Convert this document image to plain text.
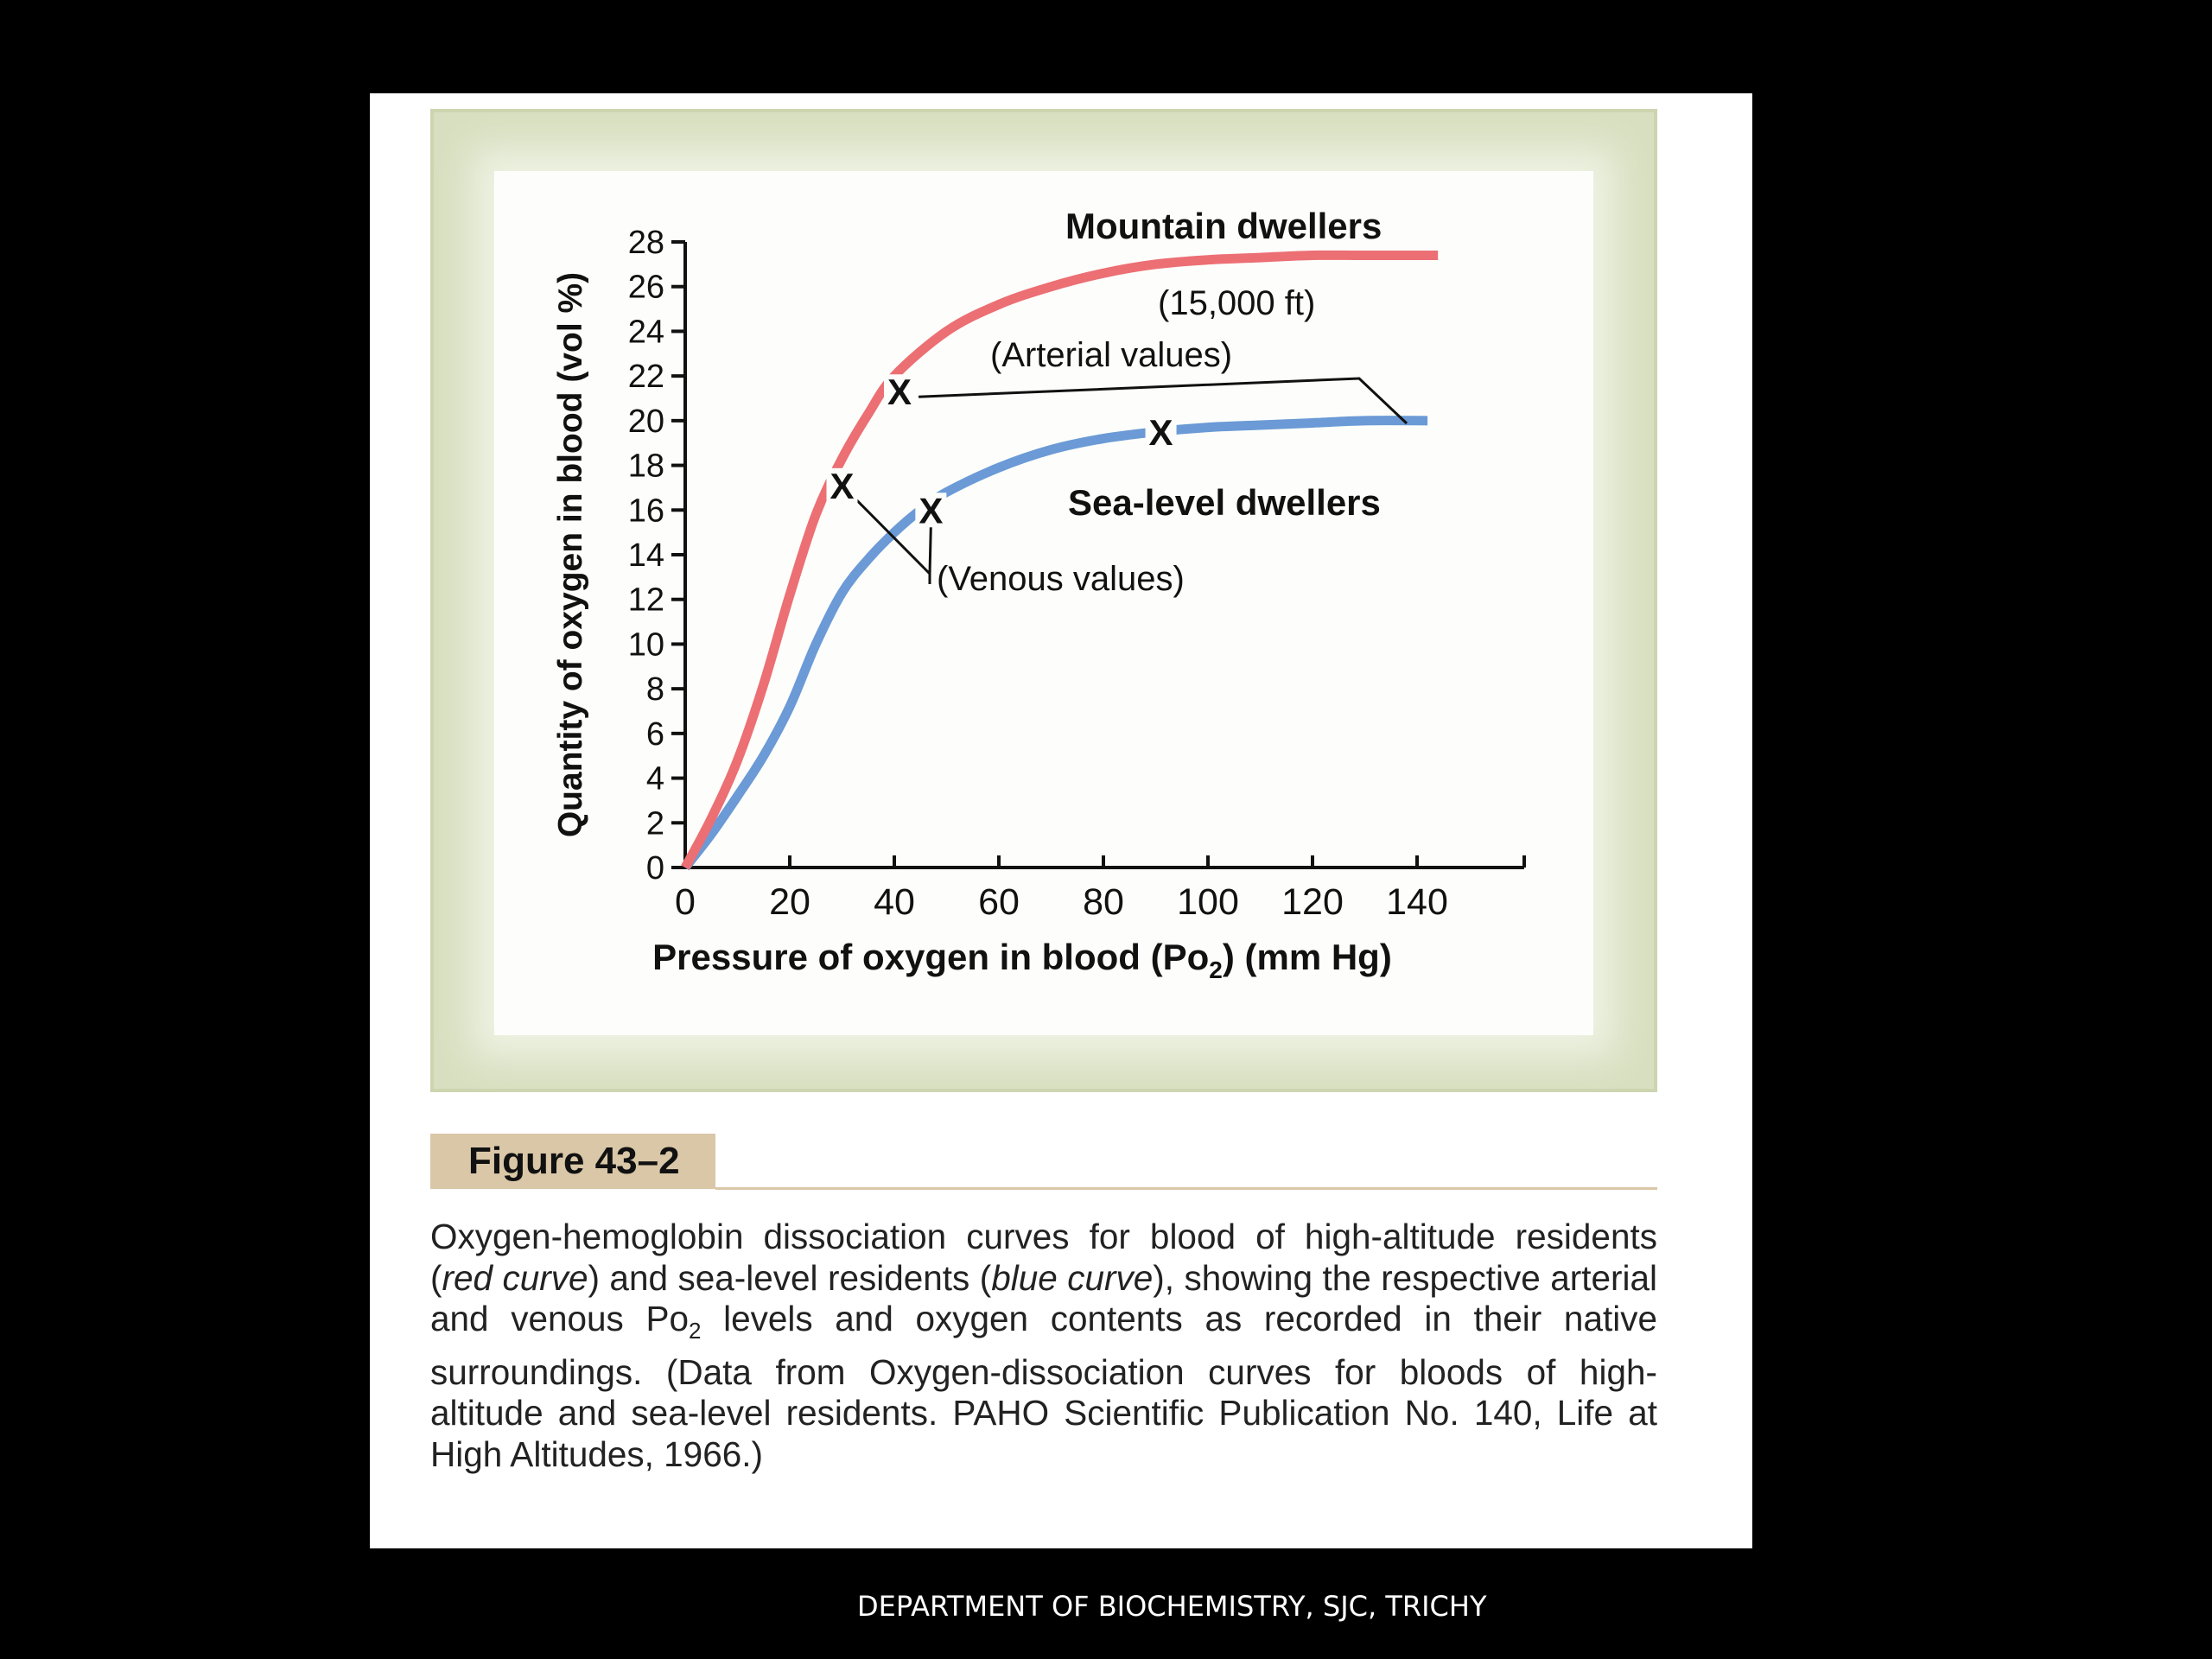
0
2
4
6
8
10
12
14
16
18
20
22
24
26
28
0 20 40 60 80 100 120 140
Pressure of oxygen in blood $(Po_2)$ (mm Hg)
Quantity of oxygen in blood (vol %)	X
X
X
X
Mountain dwellers
(15,000 ft)
(Arterial values)
Sea-level dwellers
(Venous values)
Figure 43–2
Oxygen-hemoglobin dissociation curves for blood of high-altitude residents (red curve) and sea-level residents (blue curve), showing the respective arterial and venous $Po_2$ levels and oxygen contents as recorded in their native surroundings. (Data from Oxygen-dissociation curves for bloods of high-altitude and sea-level residents. PAHO Scientific Publication No. 140, Life at High Altitudes, 1966.)
DEPARTMENT OF BIOCHEMISTRY, SJC, TRICHY
